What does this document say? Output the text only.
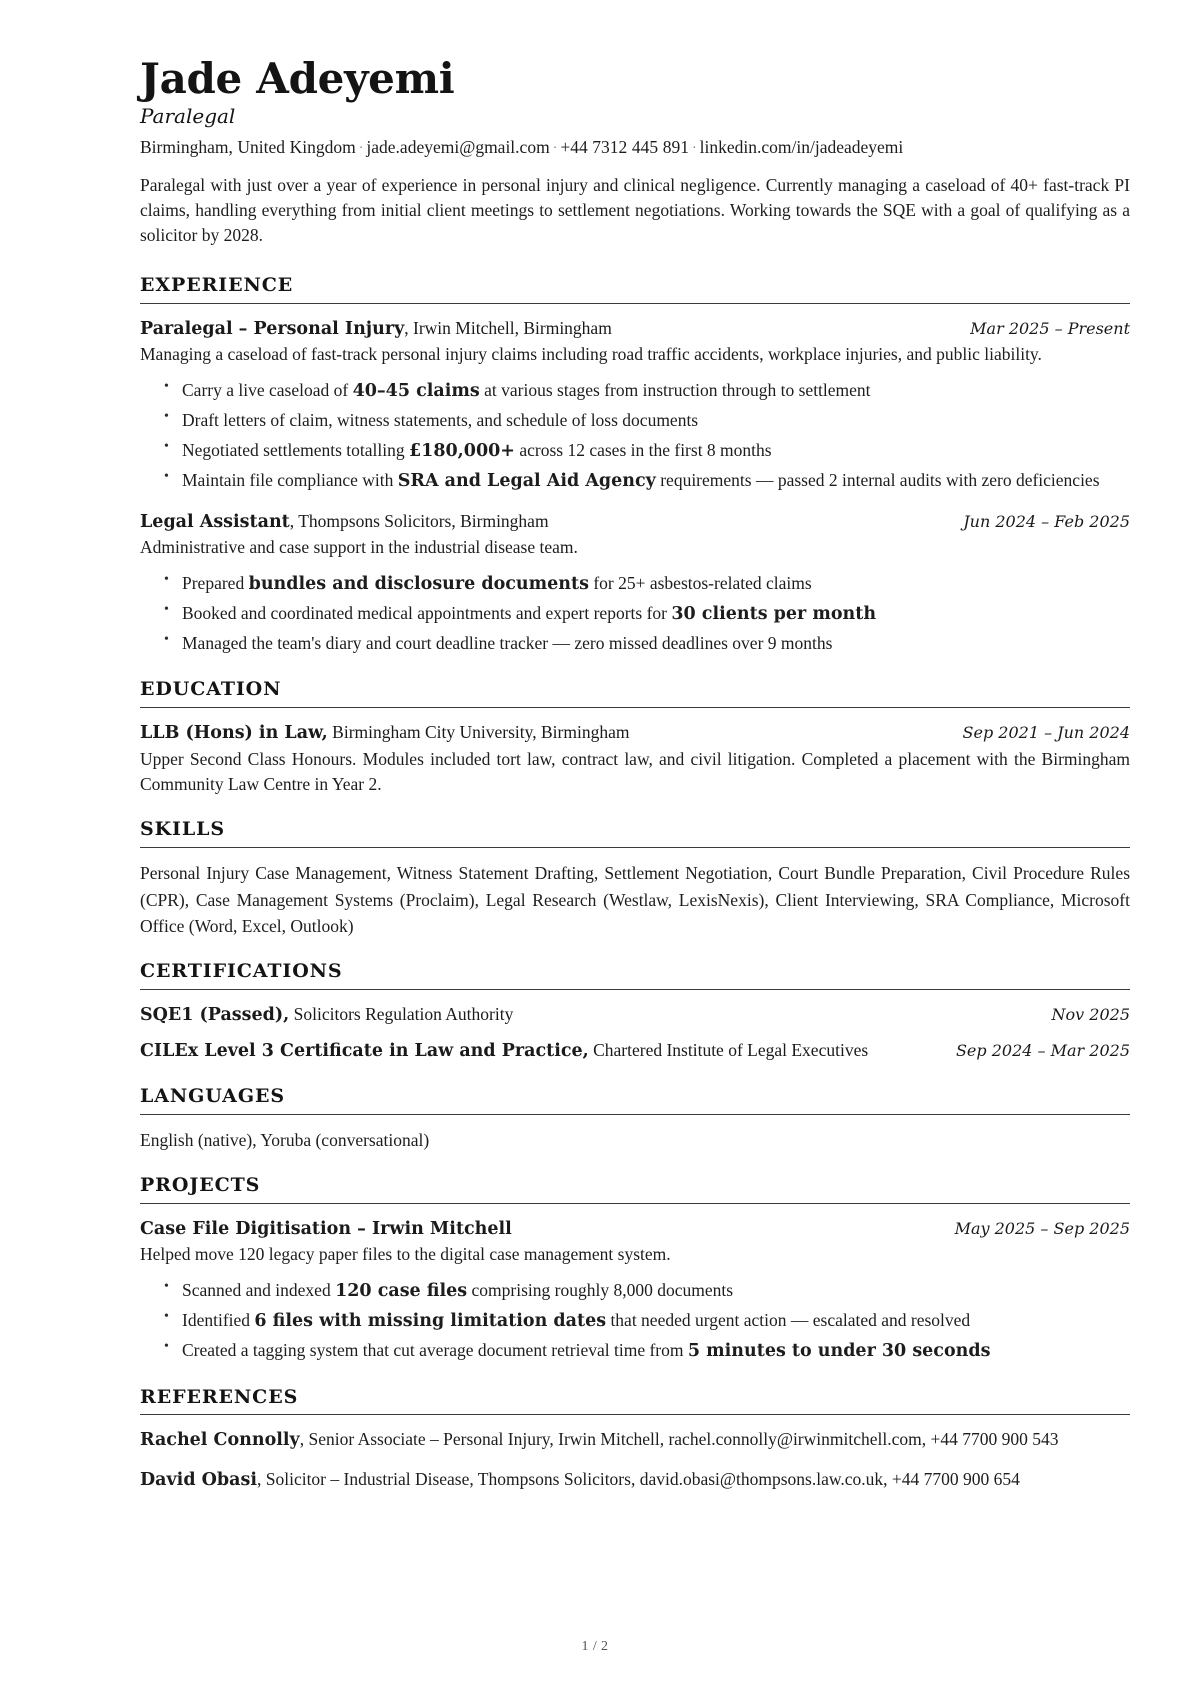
Jade Adeyemi
Paralegal
Birmingham, United Kingdom · jade.adeyemi@gmail.com · +44 7312 445 891 · linkedin.com/in/jadeadeyemi

Paralegal with just over a year of experience in personal injury and clinical negligence. Currently managing a caseload of 40+ fast-track PI claims, handling everything from initial client meetings to settlement negotiations. Working towards the SQE with a goal of qualifying as a solicitor by 2028.

EXPERIENCE
Paralegal – Personal Injury, Irwin Mitchell, Birmingham	Mar 2025 – Present

Managing a caseload of fast-track personal injury claims including road traffic accidents, workplace injuries, and public liability.

• Carry a live caseload of 40–45 claims at various stages from instruction through to settlement
• Draft letters of claim, witness statements, and schedule of loss documents
• Negotiated settlements totalling £180,000+ across 12 cases in the first 8 months
• Maintain file compliance with SRA and Legal Aid Agency requirements — passed 2 internal audits with zero deficiencies
Legal Assistant, Thompsons Solicitors, Birmingham	Jun 2024 – Feb 2025

Administrative and case support in the industrial disease team.

• Prepared bundles and disclosure documents for 25+ asbestos-related claims
• Booked and coordinated medical appointments and expert reports for 30 clients per month
• Managed the team's diary and court deadline tracker — zero missed deadlines over 9 months
EDUCATION
LLB (Hons) in Law, Birmingham City University, Birmingham	Sep 2021 – Jun 2024

Upper Second Class Honours. Modules included tort law, contract law, and civil litigation. Completed a placement with the Birmingham Community Law Centre in Year 2.

SKILLS

Personal Injury Case Management, Witness Statement Drafting, Settlement Negotiation, Court Bundle Preparation, Civil Procedure Rules (CPR), Case Management Systems (Proclaim), Legal Research (Westlaw, LexisNexis), Client Interviewing, SRA Compliance, Microsoft Office (Word, Excel, Outlook)

CERTIFICATIONS
SQE1 (Passed), Solicitors Regulation Authority	Nov 2025
CILEx Level 3 Certificate in Law and Practice, Chartered Institute of Legal Executives	Sep 2024 – Mar 2025
LANGUAGES

English (native), Yoruba (conversational)

PROJECTS
Case File Digitisation – Irwin Mitchell	May 2025 – Sep 2025

Helped move 120 legacy paper files to the digital case management system.

• Scanned and indexed 120 case files comprising roughly 8,000 documents
• Identified 6 files with missing limitation dates that needed urgent action — escalated and resolved
• Created a tagging system that cut average document retrieval time from 5 minutes to under 30 seconds
REFERENCES
Rachel Connolly, Senior Associate – Personal Injury, Irwin Mitchell, rachel.connolly@irwinmitchell.com, +44 7700 900 543
David Obasi, Solicitor – Industrial Disease, Thompsons Solicitors, david.obasi@thompsons.law.co.uk, +44 7700 900 654
1 / 2
